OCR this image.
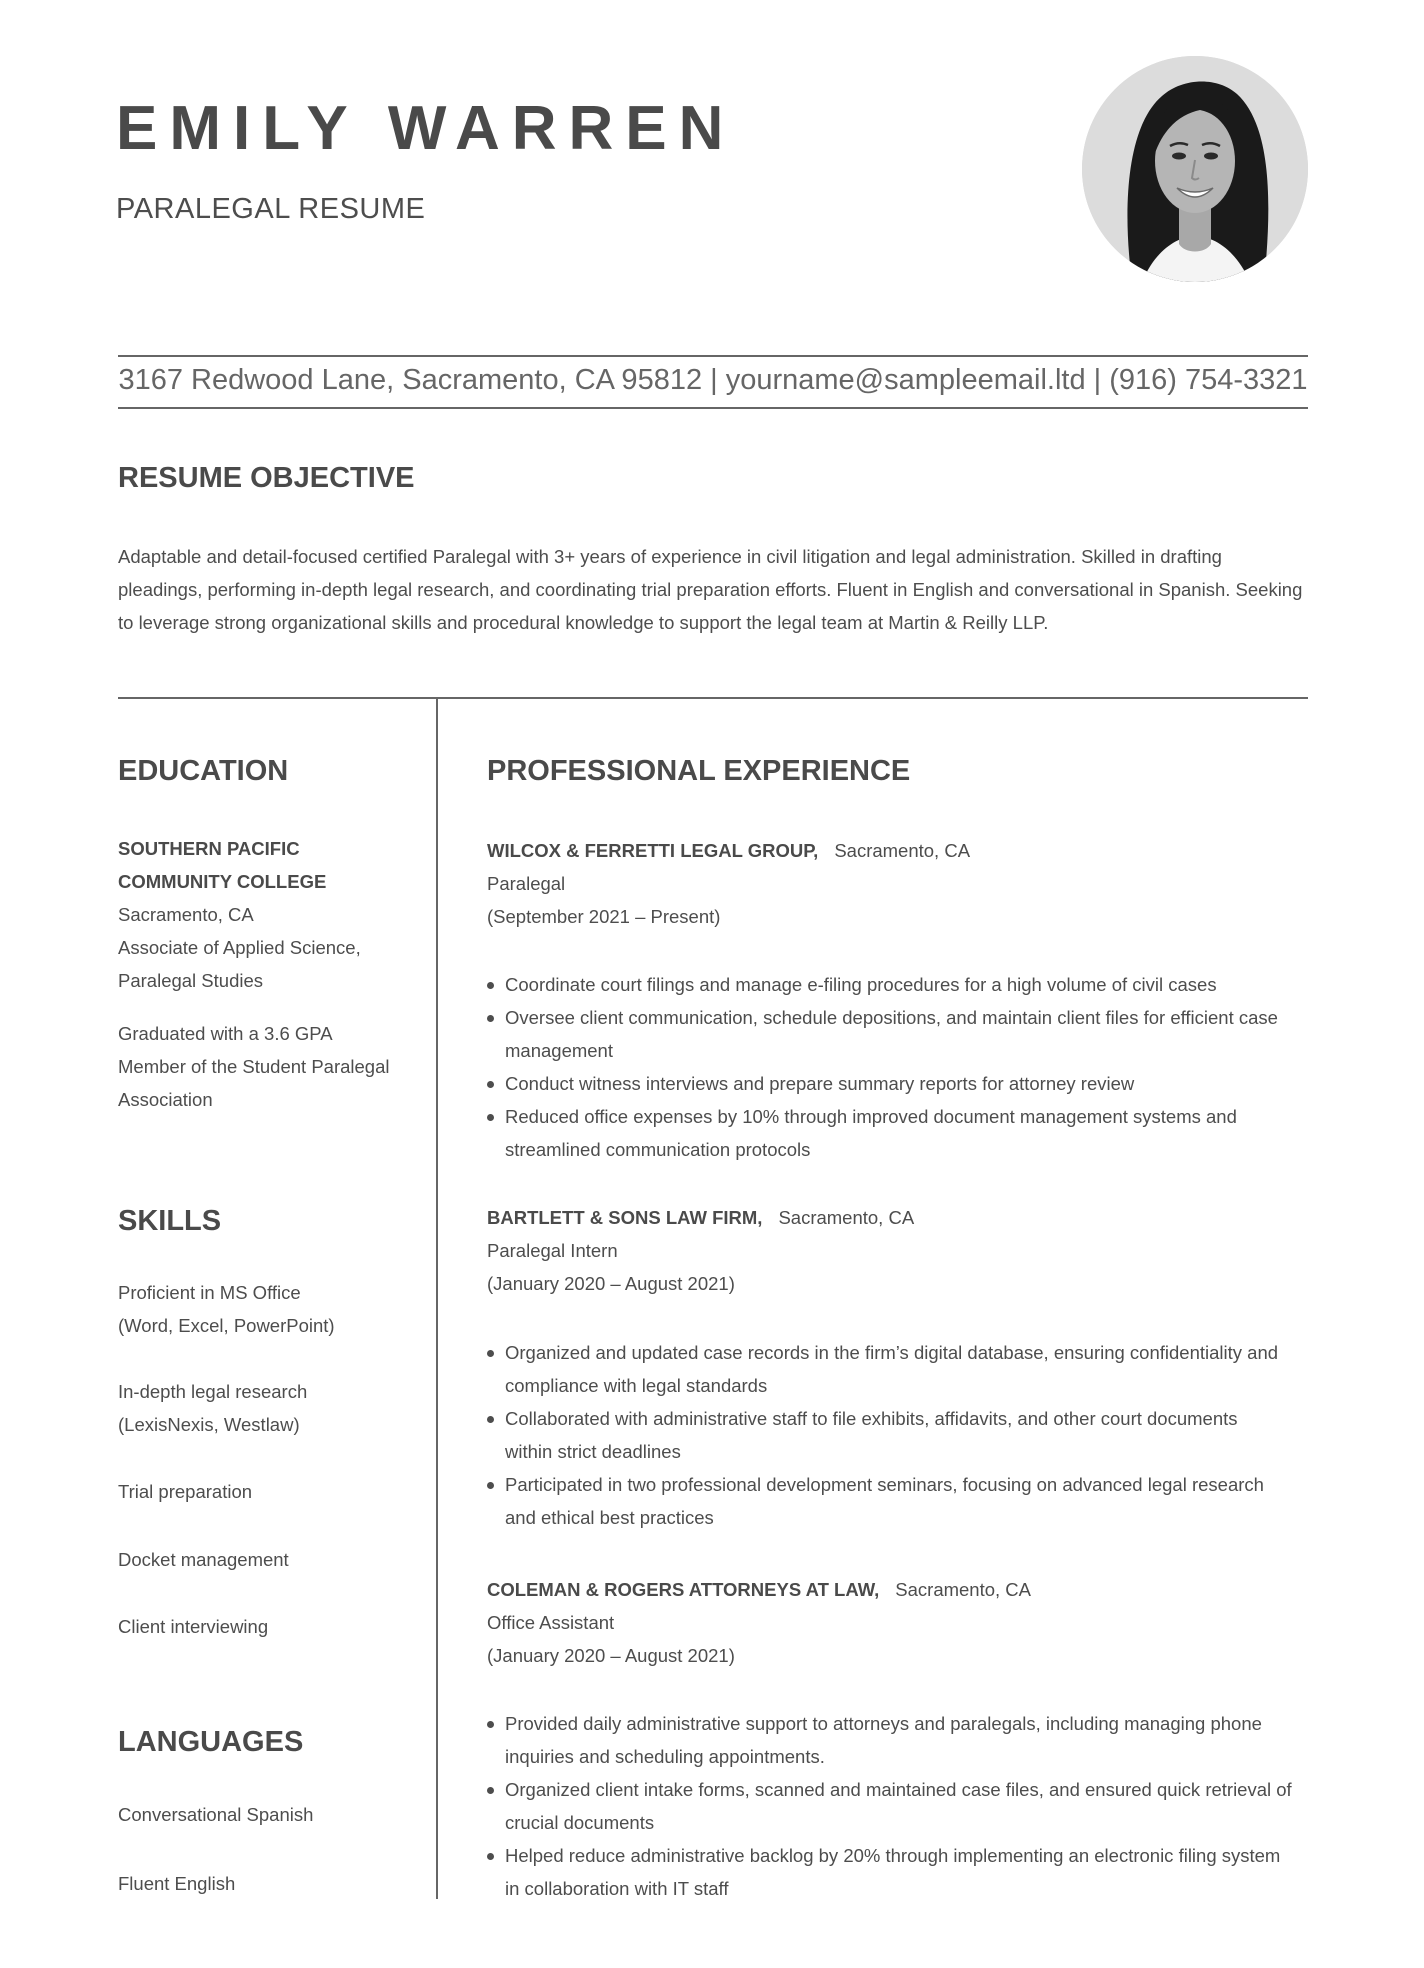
EMILY WARREN
PARALEGAL RESUME
3167 Redwood Lane, Sacramento, CA 95812 | yourname@sampleemail.ltd | (916) 754-3321
RESUME OBJECTIVE
Adaptable and detail-focused certified Paralegal with 3+ years of experience in civil litigation and legal administration. Skilled in drafting pleadings, performing in-depth legal research, and coordinating trial preparation efforts. Fluent in English and conversational in Spanish. Seeking to leverage strong organizational skills and procedural knowledge to support the legal team at Martin & Reilly LLP.
EDUCATION
SOUTHERN PACIFIC
COMMUNITY COLLEGE
Sacramento, CA
Associate of Applied Science,
Paralegal Studies
Graduated with a 3.6 GPA
Member of the Student Paralegal
Association
SKILLS
Proficient in MS Office
(Word, Excel, PowerPoint)
In-depth legal research
(LexisNexis, Westlaw)
Trial preparation
Docket management
Client interviewing
LANGUAGES
Conversational Spanish
Fluent English
PROFESSIONAL EXPERIENCE
WILCOX & FERRETTI LEGAL GROUP, Sacramento, CA
Paralegal
(September 2021 – Present)
Coordinate court filings and manage e-filing procedures for a high volume of civil cases
Oversee client communication, schedule depositions, and maintain client files for efficient case
management
Conduct witness interviews and prepare summary reports for attorney review
Reduced office expenses by 10% through improved document management systems and
streamlined communication protocols
BARTLETT & SONS LAW FIRM, Sacramento, CA
Paralegal Intern
(January 2020 – August 2021)
Organized and updated case records in the firm’s digital database, ensuring confidentiality and
compliance with legal standards
Collaborated with administrative staff to file exhibits, affidavits, and other court documents
within strict deadlines
Participated in two professional development seminars, focusing on advanced legal research
and ethical best practices
COLEMAN & ROGERS ATTORNEYS AT LAW, Sacramento, CA
Office Assistant
(January 2020 – August 2021)
Provided daily administrative support to attorneys and paralegals, including managing phone
inquiries and scheduling appointments.
Organized client intake forms, scanned and maintained case files, and ensured quick retrieval of
crucial documents
Helped reduce administrative backlog by 20% through implementing an electronic filing system
in collaboration with IT staff
